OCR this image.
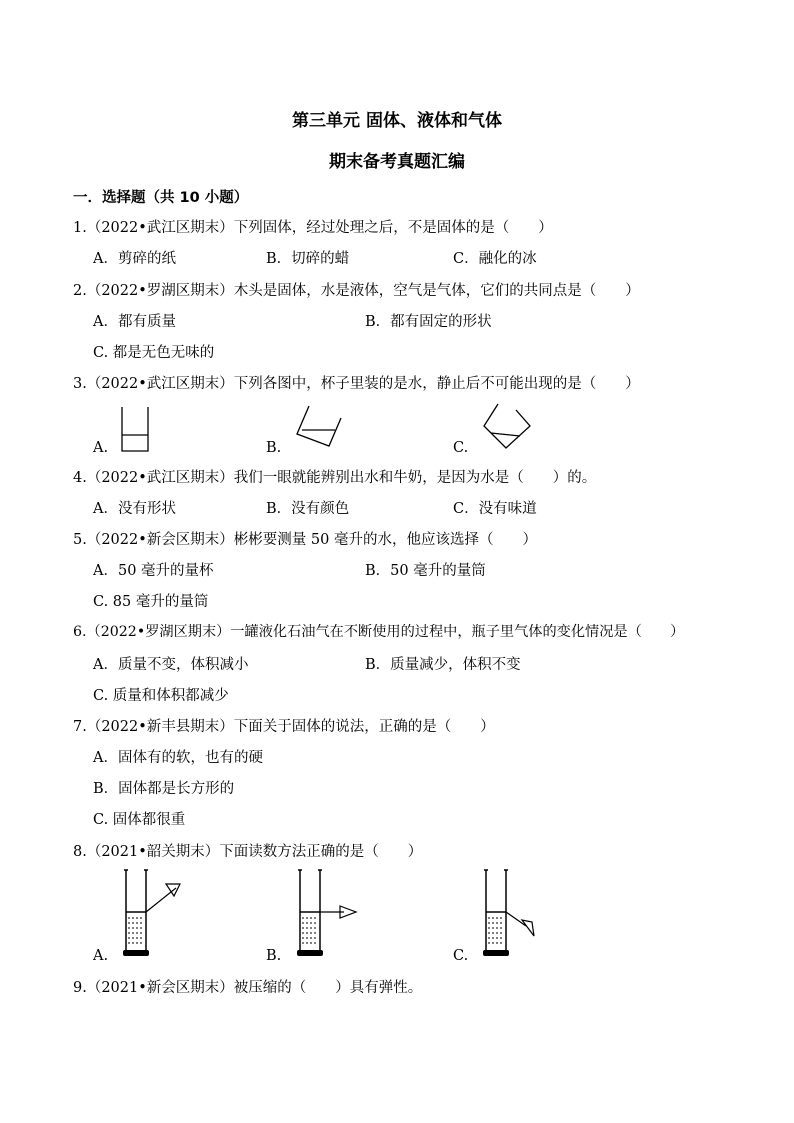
第三单元 固体、液体和气体
期末备考真题汇编
一．选择题（共 10 小题）
1.（2022•武江区期末）下列固体，经过处理之后，不是固体的是（　　）
A．剪碎的纸	B．切碎的蜡	C．融化的冰
2.（2022•罗湖区期末）木头是固体，水是液体，空气是气体，它们的共同点是（　　）
A．都有质量	B．都有固定的形状
C. 都是无色无味的
3.（2022•武江区期末）下列各图中，杯子里装的是水，静止后不可能出现的是（　　）
A.	B.	C.
4.（2022•武江区期末）我们一眼就能辨别出水和牛奶，是因为水是（　　）的。
A．没有形状	B．没有颜色	C．没有味道
5.（2022•新会区期末）彬彬要测量 50 毫升的水，他应该选择（　　）
A．50 毫升的量杯	B．50 毫升的量筒
C. 85 毫升的量筒
6.（2022•罗湖区期末）一罐液化石油气在不断使用的过程中，瓶子里气体的变化情况是（　　）
A．质量不变，体积减小	B．质量减少，体积不变
C. 质量和体积都减少
7.（2022•新丰县期末）下面关于固体的说法，正确的是（　　）
A．固体有的软，也有的硬
B．固体都是长方形的
C. 固体都很重
8.（2021•韶关期末）下面读数方法正确的是（　　）
A.	B.	C.
9.（2021•新会区期末）被压缩的（　　）具有弹性。
